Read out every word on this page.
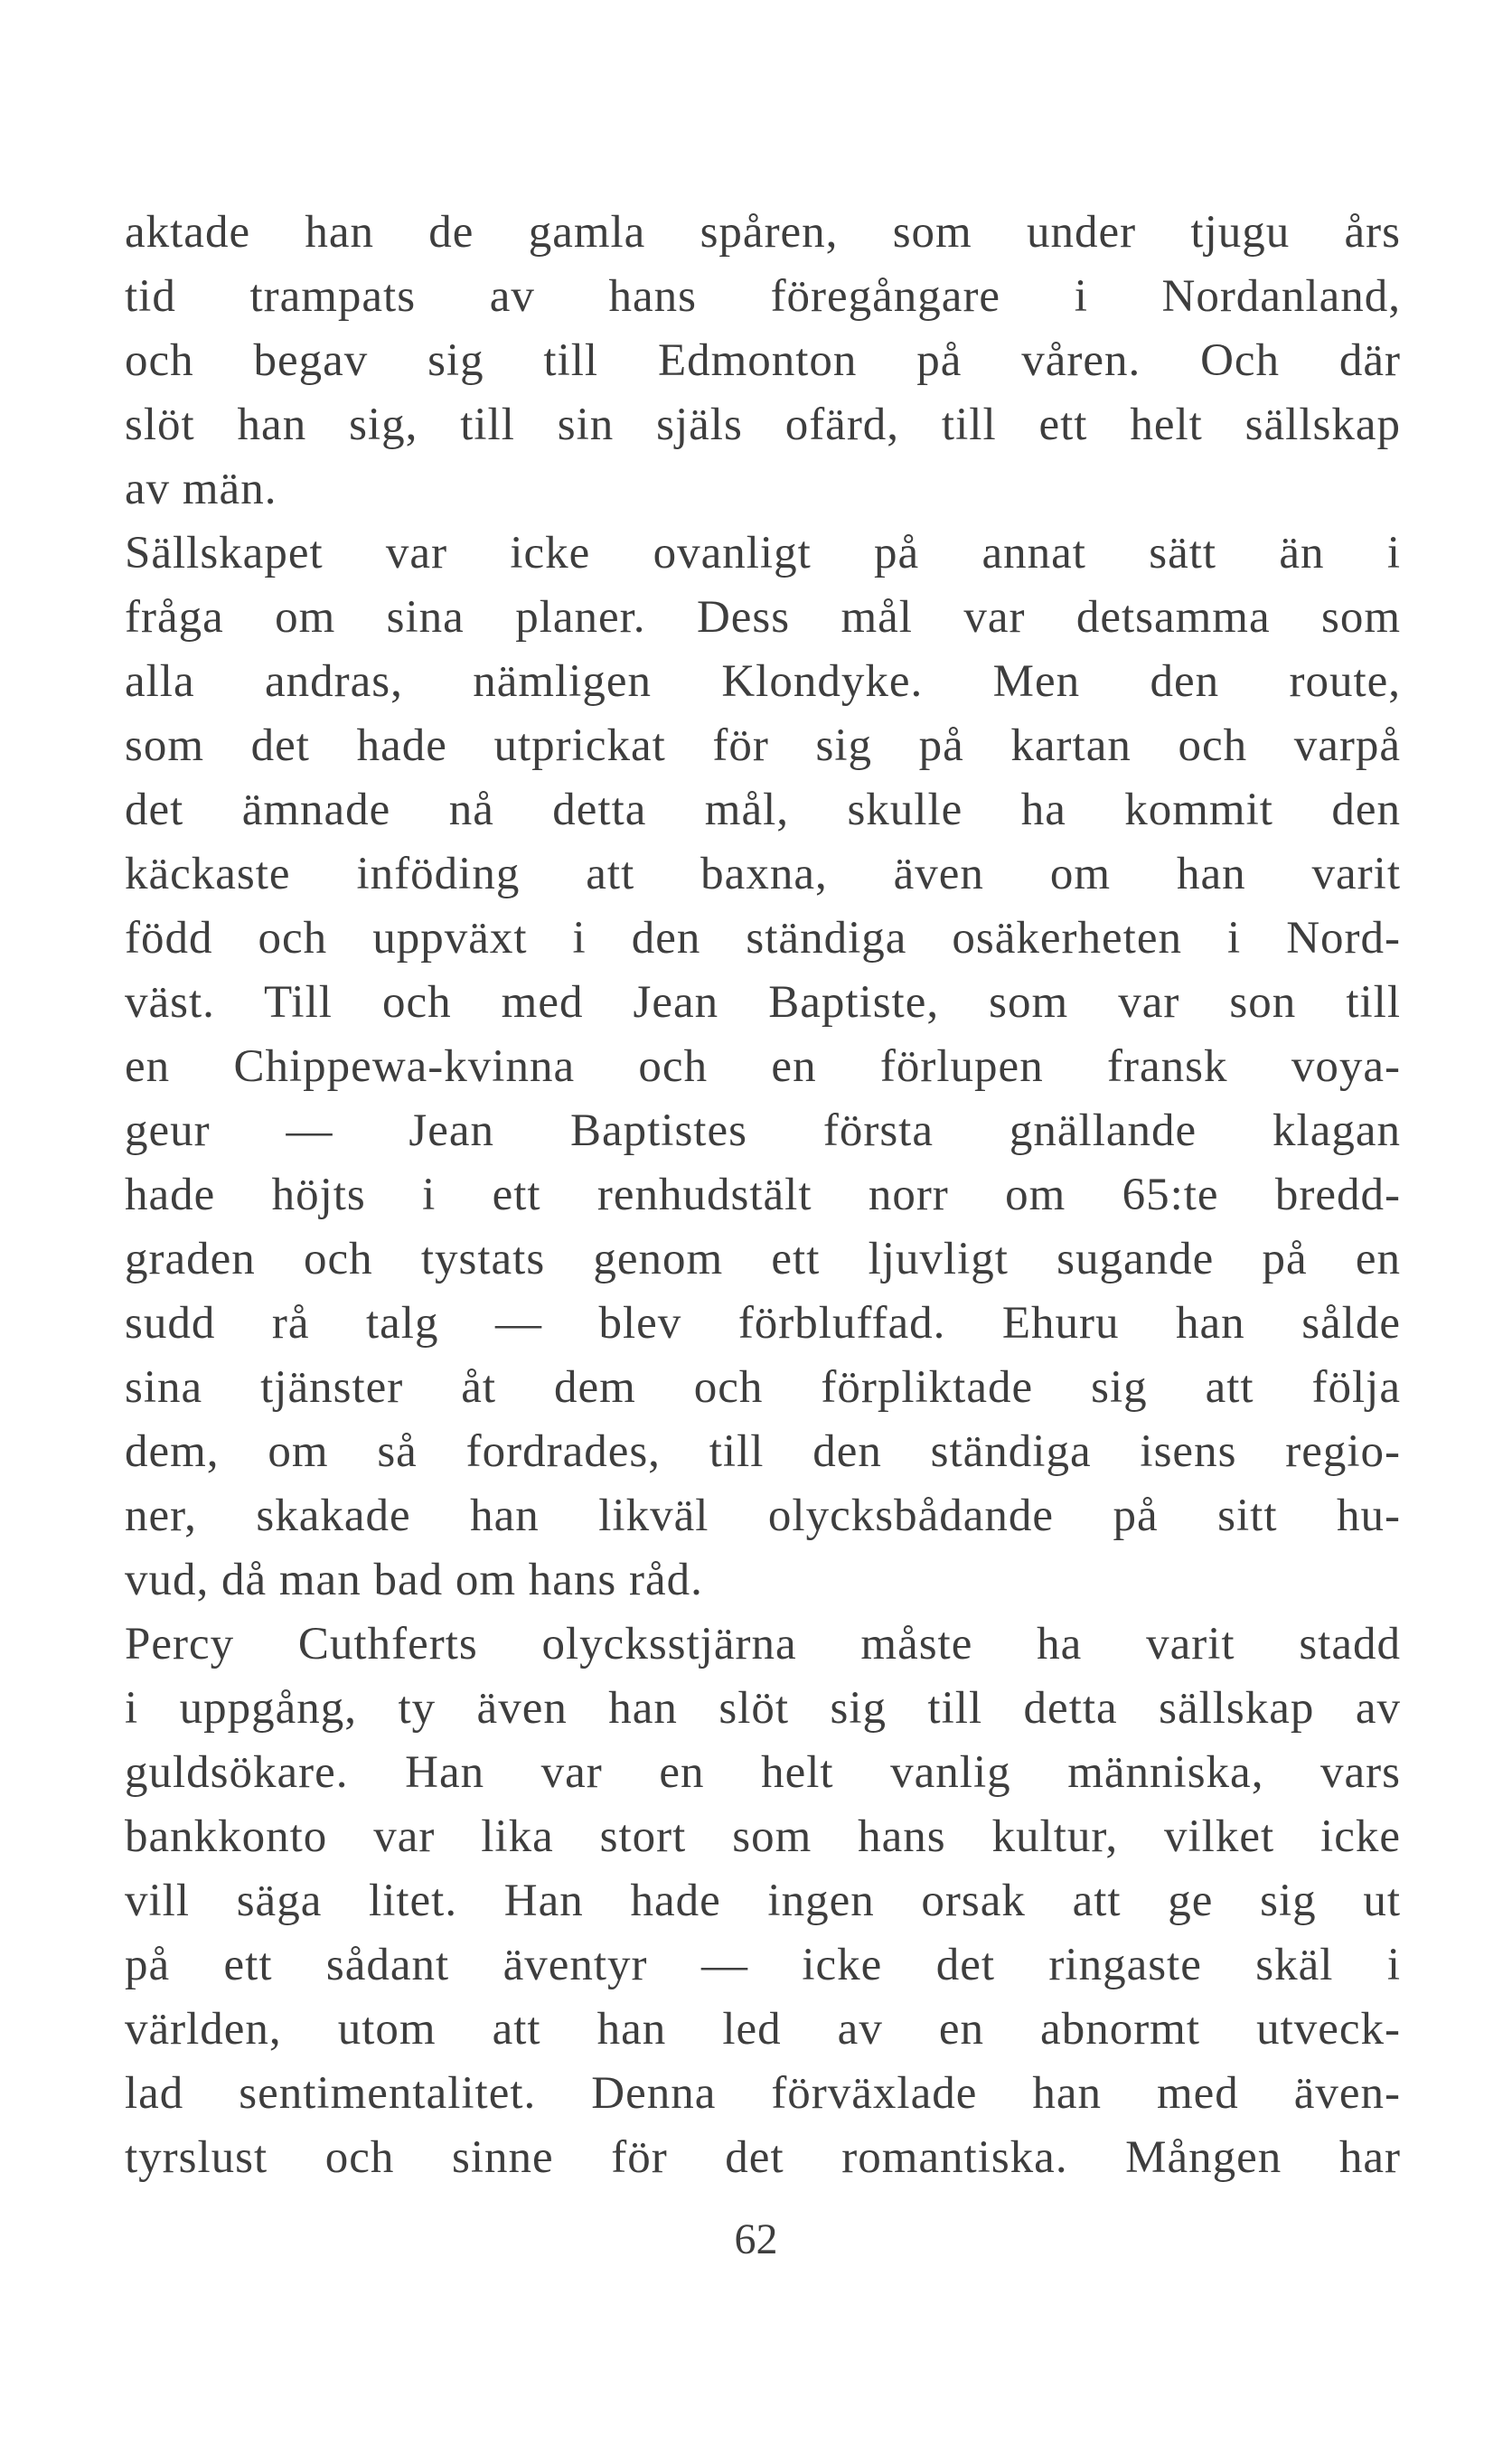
aktade han de gamla spåren, som under tjugu års
tid trampats av hans föregångare i Nordanland,
och begav sig till Edmonton på våren. Och där
slöt han sig, till sin själs ofärd, till ett helt sällskap
av män.
Sällskapet var icke ovanligt på annat sätt än i
fråga om sina planer. Dess mål var detsamma som
alla andras, nämligen Klondyke. Men den route,
som det hade utprickat för sig på kartan och varpå
det ämnade nå detta mål, skulle ha kommit den
käckaste inföding att baxna, även om han varit
född och uppväxt i den ständiga osäkerheten i Nord-
väst. Till och med Jean Baptiste, som var son till
en Chippewa-kvinna och en förlupen fransk voya-
geur — Jean Baptistes första gnällande klagan
hade höjts i ett renhudstält norr om 65:te bredd-
graden och tystats genom ett ljuvligt sugande på en
sudd rå talg — blev förbluffad. Ehuru han sålde
sina tjänster åt dem och förpliktade sig att följa
dem, om så fordrades, till den ständiga isens regio-
ner, skakade han likväl olycksbådande på sitt hu-
vud, då man bad om hans råd.
Percy Cuthferts olycksstjärna måste ha varit stadd
i uppgång, ty även han slöt sig till detta sällskap av
guldsökare. Han var en helt vanlig människa, vars
bankkonto var lika stort som hans kultur, vilket icke
vill säga litet. Han hade ingen orsak att ge sig ut
på ett sådant äventyr — icke det ringaste skäl i
världen, utom att han led av en abnormt utveck-
lad sentimentalitet. Denna förväxlade han med även-
tyrslust och sinne för det romantiska. Mången har
62
